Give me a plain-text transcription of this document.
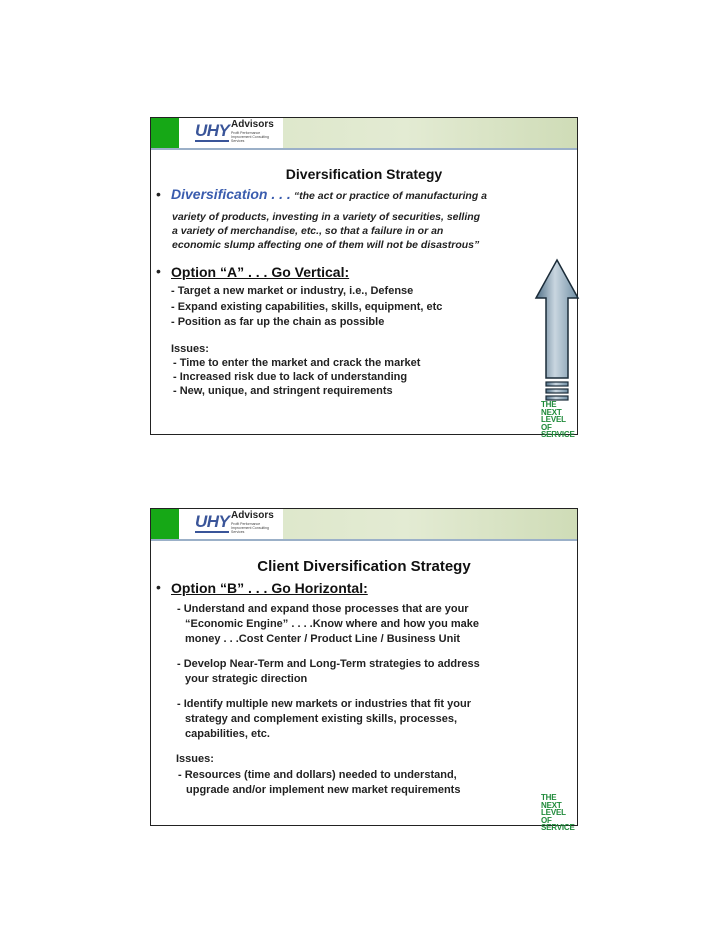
UHY Advisors
Profit Performance Improvement Consulting Services
Diversification Strategy
• Diversification . . . “the act or practice of manufacturing a
variety of products, investing in a variety of securities, selling
a variety of merchandise, etc., so that a failure in or an
economic slump affecting one of them will not be disastrous”
• Option “A” . . . Go Vertical:
- Target a new market or industry, i.e., Defense
- Expand existing capabilities, skills, equipment, etc
- Position as far up the chain as possible
Issues:
- Time to enter the market and crack the market
- Increased risk due to lack of understanding
- New, unique, and stringent requirements
THE NEXT
LEVEL OF
SERVICE
UHY Advisors
Profit Performance Improvement Consulting Services
Client Diversification Strategy
• Option “B” . . . Go Horizontal:
- Understand and expand those processes that are your
“Economic Engine” . . . .Know where and how you make
money . . .Cost Center / Product Line / Business Unit
- Develop Near-Term and Long-Term strategies to address
your strategic direction
- Identify multiple new markets or industries that fit your
strategy and complement existing skills, processes,
capabilities, etc.
Issues:
- Resources (time and dollars) needed to understand,
upgrade and/or implement new market requirements
THE NEXT
LEVEL OF
SERVICE
